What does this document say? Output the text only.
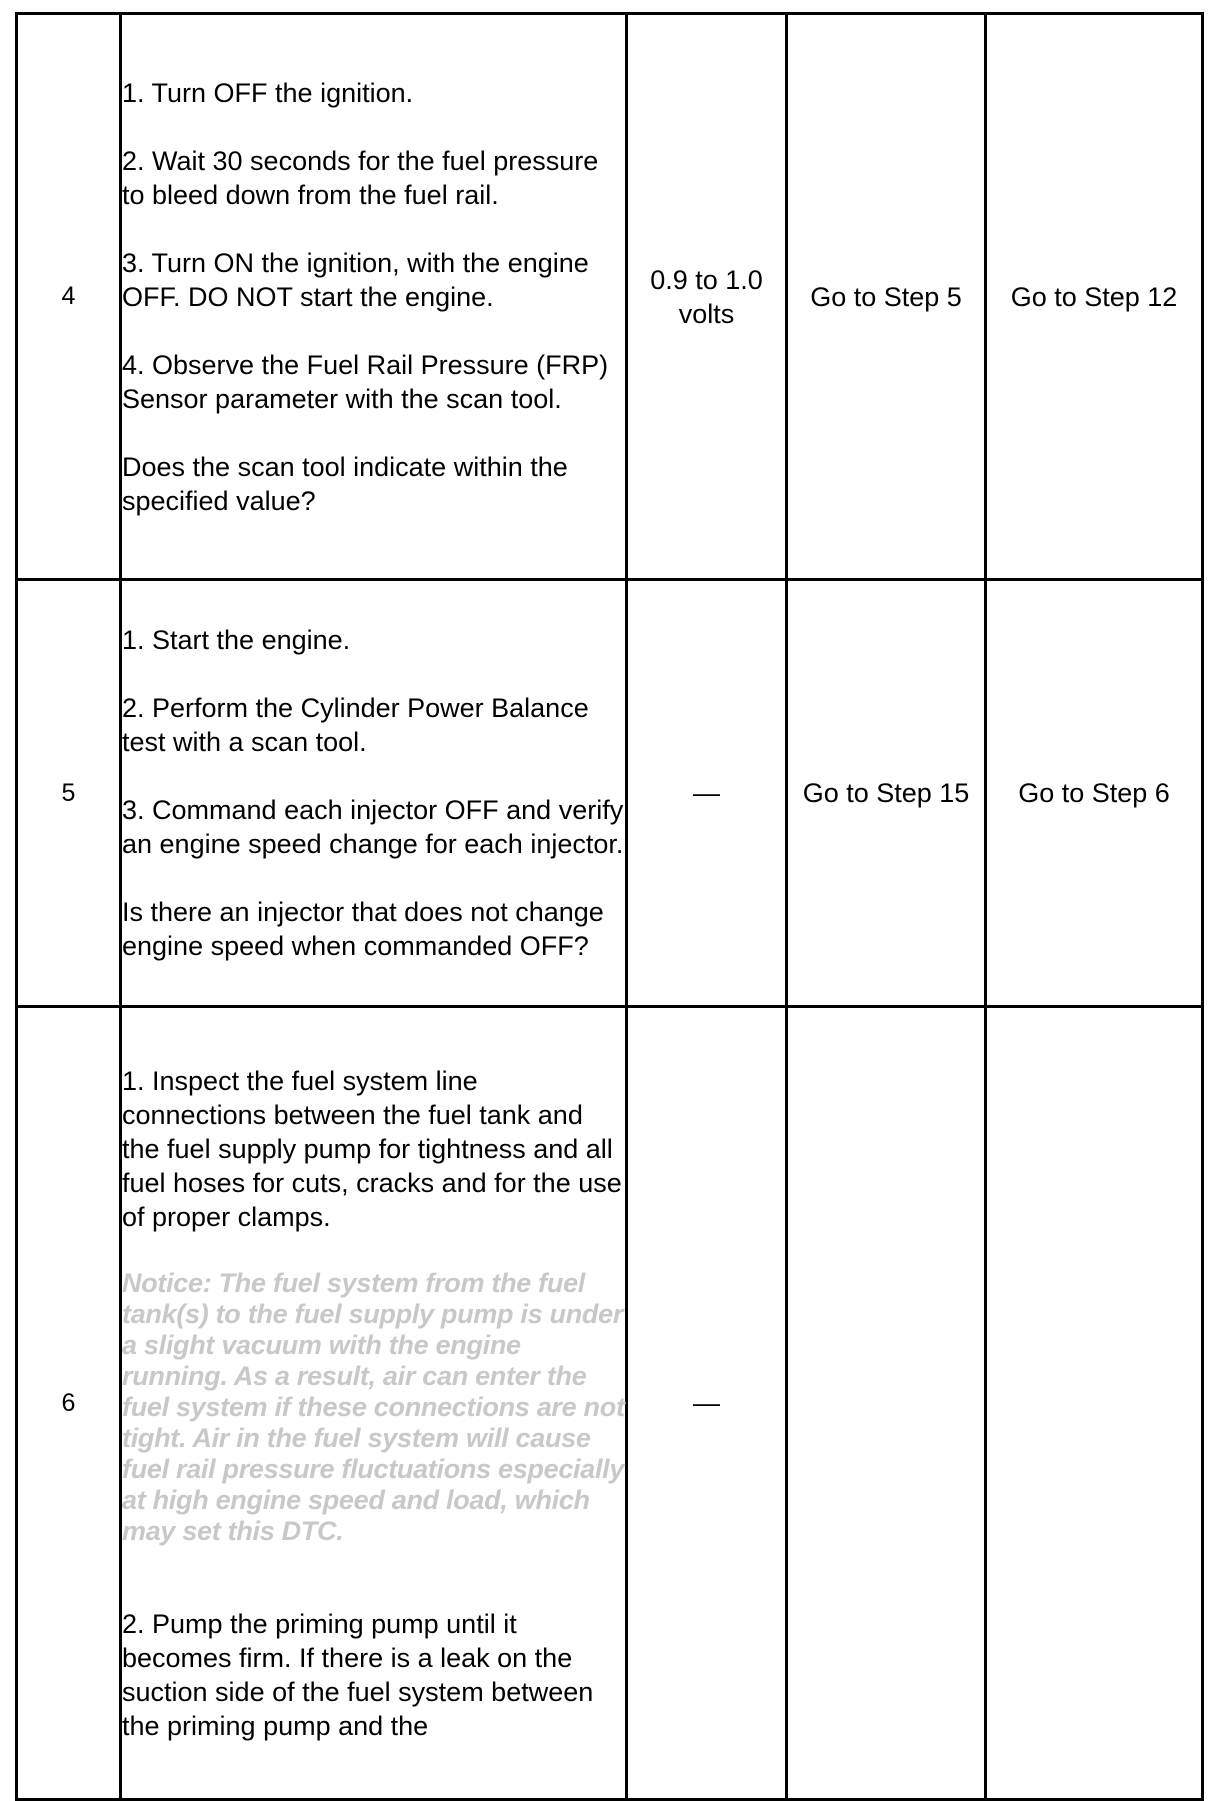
4	1. Turn OFF the ignition.
2. Wait 30 seconds for the fuel pressure to bleed down from the fuel rail.
3. Turn ON the ignition, with the engine OFF. DO NOT start the engine.
4. Observe the Fuel Rail Pressure (FRP) Sensor parameter with the scan tool.
Does the scan tool indicate within the specified value?	0.9 to 1.0 volts	Go to Step 5	Go to Step 12
5	1. Start the engine.
2. Perform the Cylinder Power Balance test with a scan tool.
3. Command each injector OFF and verify an engine speed change for each injector.
Is there an injector that does not change engine speed when commanded OFF?	—	Go to Step 15	Go to Step 6
6	1. Inspect the fuel system line connections between the fuel tank and the fuel supply pump for tightness and all fuel hoses for cuts, cracks and for the use of proper clamps.
Notice: The fuel system from the fuel tank(s) to the fuel supply pump is under a slight vacuum with the engine running. As a result, air can enter the fuel system if these connections are not tight. Air in the fuel system will cause fuel rail pressure fluctuations especially at high engine speed and load, which may set this DTC.
2. Pump the priming pump until it becomes firm. If there is a leak on the suction side of the fuel system between the priming pump and the	—		
